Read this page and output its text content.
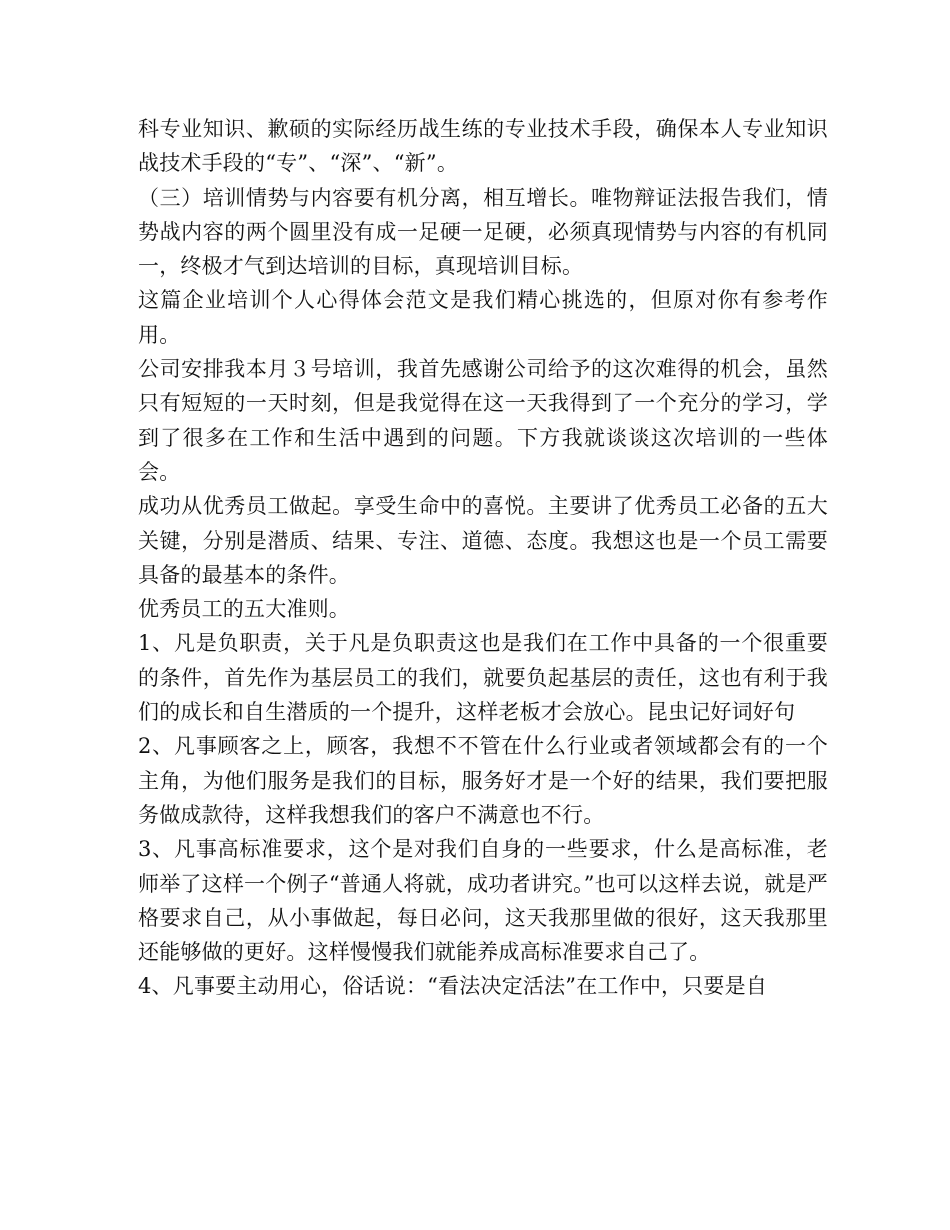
科专业知识、歉硕的实际经历战生练的专业技术手段，确保本人专业知识战技术手段的“专”、“深”、“新”。

（三）培训情势与内容要有机分离，相互增长。唯物辩证法报告我们，情势战内容的两个圆里没有成一足硬一足硬，必须真现情势与内容的有机同一，终极才气到达培训的目标，真现培训目标。

这篇企业培训个人心得体会范文是我们精心挑选的，但原对你有参考作用。

公司安排我本月３号培训，我首先感谢公司给予的这次难得的机会，虽然只有短短的一天时刻，但是我觉得在这一天我得到了一个充分的学习，学到了很多在工作和生活中遇到的问题。下方我就谈谈这次培训的一些体会。

成功从优秀员工做起。享受生命中的喜悦。主要讲了优秀员工必备的五大关键，分别是潜质、结果、专注、道德、态度。我想这也是一个员工需要具备的最基本的条件。

优秀员工的五大准则。

1、凡是负职责，关于凡是负职责这也是我们在工作中具备的一个很重要的条件，首先作为基层员工的我们，就要负起基层的责任，这也有利于我们的成长和自生潜质的一个提升，这样老板才会放心。昆虫记好词好句

2、凡事顾客之上，顾客，我想不不管在什么行业或者领域都会有的一个主角，为他们服务是我们的目标，服务好才是一个好的结果，我们要把服务做成款待，这样我想我们的客户不满意也不行。

3、凡事高标准要求，这个是对我们自身的一些要求，什么是高标准，老师举了这样一个例子“普通人将就，成功者讲究。”也可以这样去说，就是严格要求自己，从小事做起，每日必问，这天我那里做的很好，这天我那里还能够做的更好。这样慢慢我们就能养成高标准要求自己了。

4、凡事要主动用心，俗话说：“看法决定活法”在工作中，只要是自
